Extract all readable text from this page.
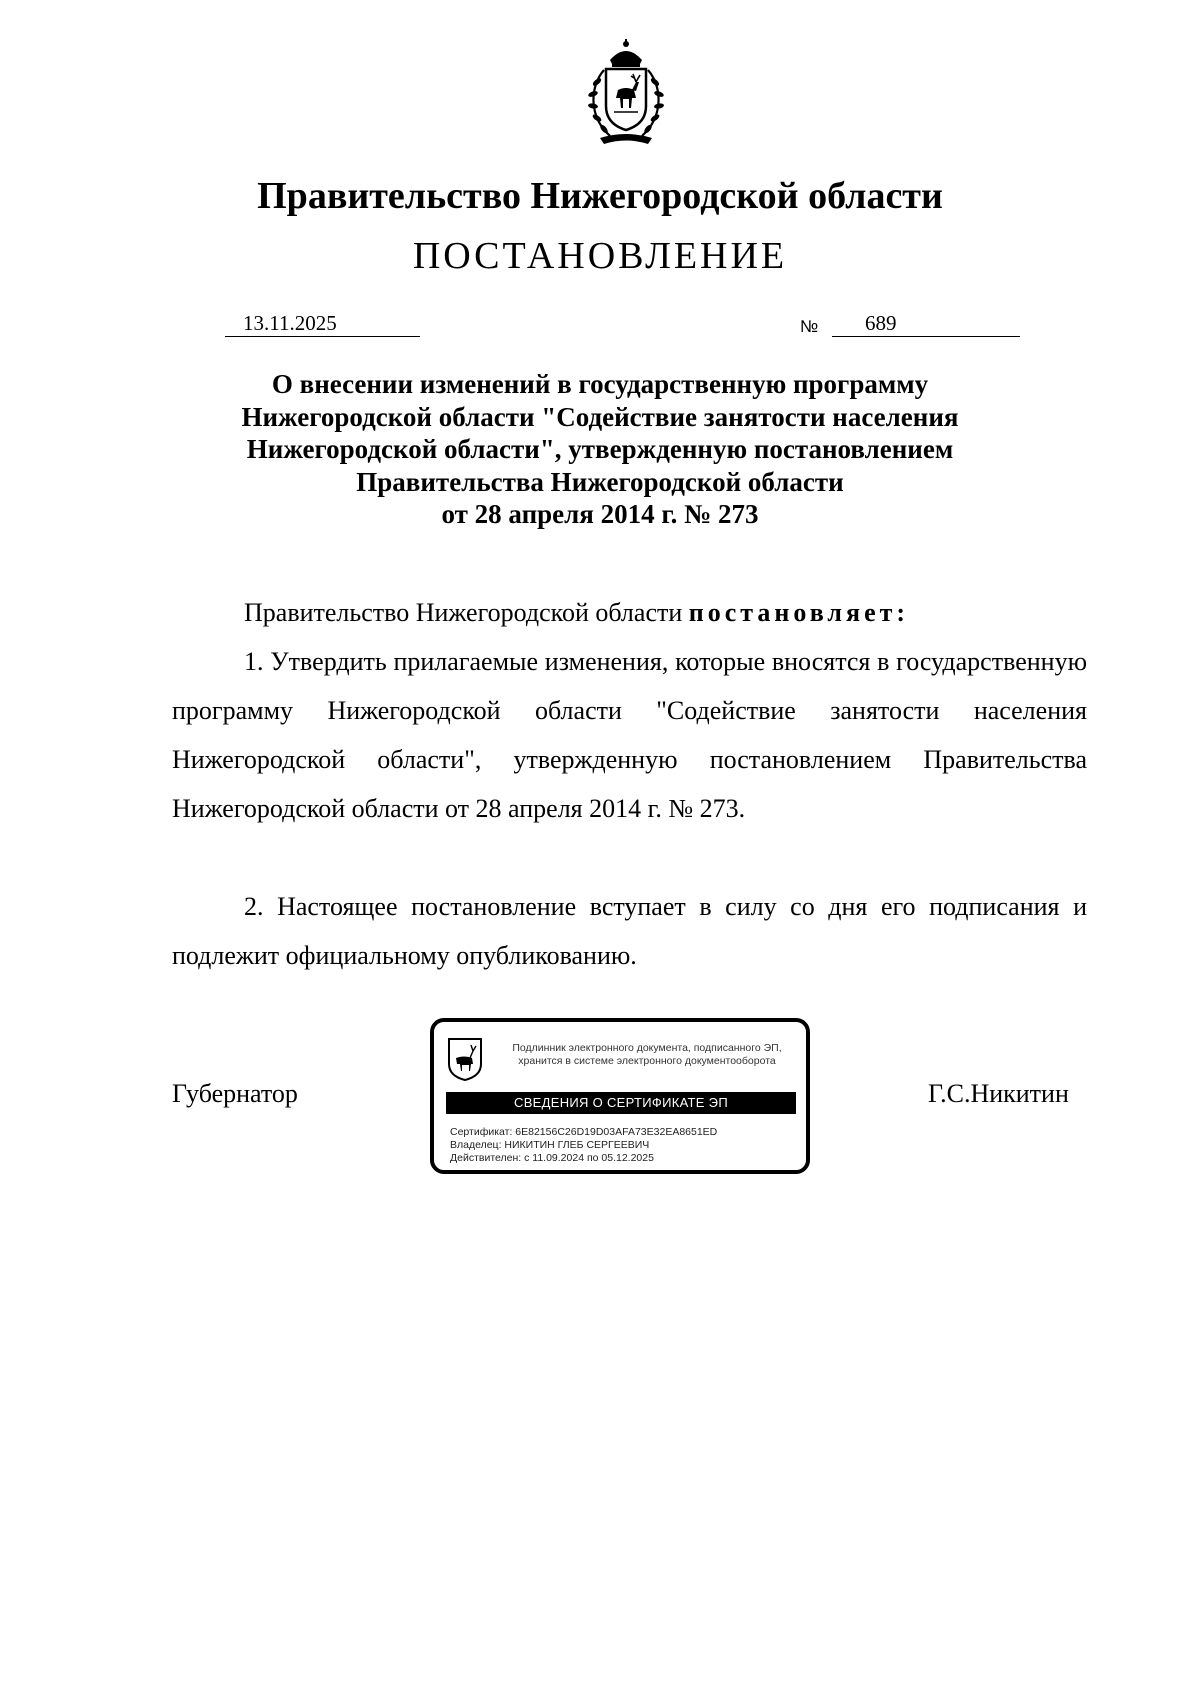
Правительство Нижегородской области
ПОСТАНОВЛЕНИЕ
13.11.2025	№ 689
О внесении изменений в государственную программу
Нижегородской области "Содействие занятости населения
Нижегородской области", утвержденную постановлением
Правительства Нижегородской области
от 28 апреля 2014 г. № 273
Правительство Нижегородской области постановляет:
1. Утвердить прилагаемые изменения, которые вносятся в государственную программу Нижегородской области "Содействие занятости населения Нижегородской области", утвержденную постановлением Правительства Нижегородской области от 28 апреля 2014 г. № 273.
2. Настоящее постановление вступает в силу со дня его подписания и подлежит официальному опубликованию.
Губернатор
Подлинник электронного документа, подписанного ЭП,
хранится в системе электронного документооборота
СВЕДЕНИЯ О СЕРТИФИКАТЕ ЭП
Сертификат: 6E82156C26D19D03AFA73E32EA8651ED
Владелец: НИКИТИН ГЛЕБ СЕРГЕЕВИЧ
Действителен: с 11.09.2024 по 05.12.2025
Г.С.Никитин
